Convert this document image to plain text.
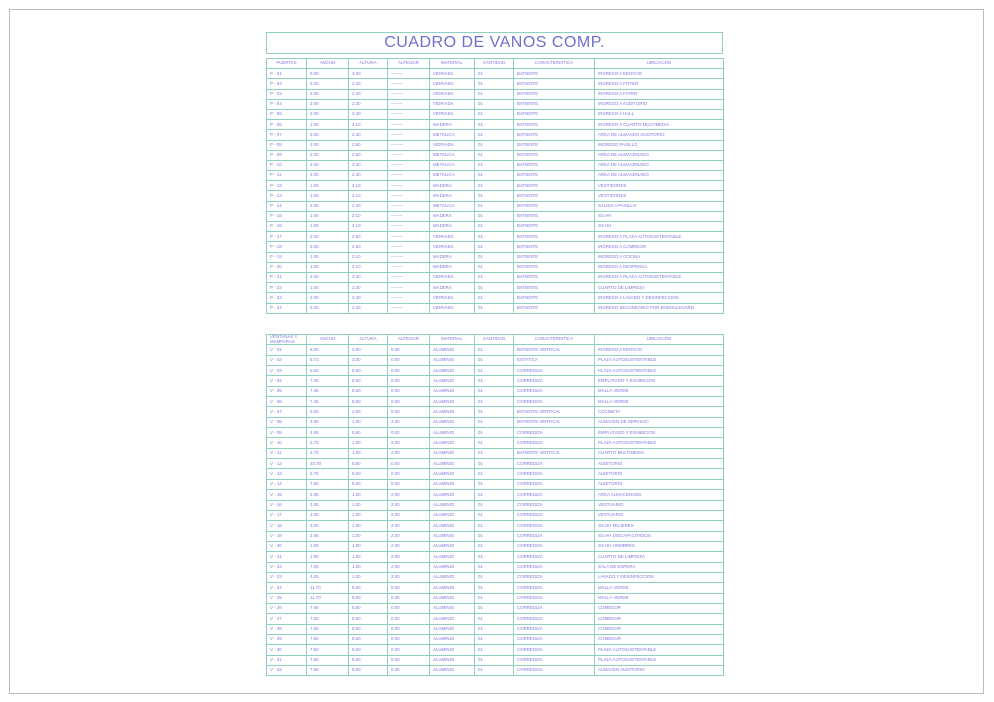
CUADRO DE VANOS COMP.
PUERTAS	ANCHO	ALTURA	ALFEIZAR	MATERIAL	CANTIDAD	CARACTERISTICA	UBICACIÓN
P - 01	6.00	3.00	--------	VIDRIADA	01	BATIENTE	INGRESO A EDIFICIO
P - 02	2.00	2.40	--------	VIDRIADA	01	BATIENTE	INGRESO A FOYER
P - 03	2.00	2.40	--------	VIDRIADA	01	BATIENTE	INGRESO A FAYER
P - 04	2.00	2.40	--------	VIDRIADA	01	BATIENTE	INGRESO A AUDITORIO
P - 05	2.00	2.40	--------	VIDRIADA	01	BATIENTE	INGRESO A HALL
P - 06	1.00	2.10	--------	MADERA	01	BATIENTE	INGRESO A CUARTO MULTIMEDIA
P - 07	2.00	2.40	--------	METALICA	01	BATIENTE	AREA DE ALMACEN AUDITORIO
P - 08	2.00	2.60	--------	VIDRIADA	01	BATIENTE	INGRESO PASILLO
P - 09	2.00	2.60	--------	METALICA	01	BATIENTE	AREA DE ALMACENADO
P - 10	2.00	2.40	--------	METALICA	01	BATIENTE	AREA DE ALMACENADO
P - 11	2.00	2.40	--------	METALICA	01	BATIENTE	AREA DE ALMACENADO
P - 12	1.00	2.10	--------	MADERA	01	BATIENTE	VESTIDORES
P - 13	1.00	2.10	--------	MADERA	01	BATIENTE	VESTIDORES
P - 14	2.00	2.40	--------	METALICA	01	BATIENTE	SALIDA A PASILLO
P - 15	1.00	2.10	--------	MADERA	01	BATIENTE	SS.HH
P - 16	1.00	2.10	--------	MADERA	01	BATIENTE	SS.HH
P - 17	2.00	2.60	--------	VIDRIADA	01	BATIENTE	INGRESO A PLAZA AUTOSUSTENTABLE
P - 18	2.00	2.60	--------	VIDRIADA	01	BATIENTE	INGRESO A COMEDOR
P - 19	1.00	2.10	--------	MADERA	01	BATIENTE	INGRESO A COCINA
P - 20	1.00	2.10	--------	MADERA	01	BATIENTE	INGRESO A DESPENSA
P - 21	2.00	2.40	--------	VIDRIADA	01	BATIENTE	INGRESO A PLAZA AUTOSUSTENTABLE
P - 22	1.00	2.40	--------	MADERA	01	BATIENTE	CUARTO DE LIMPIEZA
P - 23	2.00	2.40	--------	VIDRIADA	01	BATIENTE	INGRESO A LAVADO Y DESINFECCIÓN
P - 24	2.00	2.40	--------	VIDRIADA	01	BATIENTE	INGRESO SECUNDARIO POR BOBOULEVARD
VENTANAS Y MAMPARAS	ANCHO	ALTURA	ALFEIZAR	MATERIAL	CANTIDAD	CARACTERISTICA	UBICACIÓN
V - 01	6.00	3.00	0.00	ALUMINIO	01	BATIENTE VERTICAL	INGRESO A EDIFICIO
V - 02	5.73	3.00	0.00	ALUMINIO	01	ESTATICA	PLAZA AUTOSUSTENTABLE
V - 03	5.60	5.60	0.00	ALUMINIO	01	CORREDIZA	PLAZA AUTOSUSTENTABLE
V - 04	7.45	5.60	0.00	ALUMINIO	01	CORREDIZA	EMPLATADO Y EXHIBICION
V - 05	7.45	5.60	0.00	ALUMINIO	01	CORREDIZA	MALLA VERDE
V - 06	7.45	5.60	0.00	ALUMINIO	01	CORREDIZA	MALLA VERDE
V - 07	2.60	2.00	0.00	ALUMINIO	01	BATIENTE VERTICAL	COCINETA
V - 08	3.80	1.00	2.00	ALUMINIO	01	BATIENTE VERTICAL	ALMACEN DE SERVICIO
V - 09	4.65	5.60	0.00	ALUMINIO	01	CORREDIZA	EMPLATADO Y EXHIBICION
V - 10	2.75	1.00	2.00	ALUMINIO	01	CORREDIZA	PLAZA AUTOSUSTENTABLE
V - 11	2.75	1.00	2.00	ALUMINIO	01	BATIENTE VERTICAL	CUARTO MULTIMEDIA
V - 12	20.70	5.60	0.00	ALUMINIO	01	CORREDIZA	AUDITORIO
V - 13	5.75	5.60	0.00	ALUMINIO	01	CORREDIZA	AUDITORIO
V - 14	7.60	5.60	0.00	ALUMINIO	01	CORREDIZA	AUDITORIO
V - 15	2.35	1.00	2.00	ALUMINIO	01	CORREDIZA	AREA ALMACENADO
V - 16	3.35	1.00	2.00	ALUMINIO	01	CORREDIZA	VESTUARIO
V - 17	3.35	1.00	2.00	ALUMINIO	01	CORREDIZA	VESTUARIO
V - 18	3.00	1.00	2.00	ALUMINIO	01	CORREDIZA	SS.HH MUJERES
V - 19	2.05	1.00	2.00	ALUMINIO	01	CORREDIZA	SS.HH DISCAPACITADOS
V - 20	1.00	1.00	2.00	ALUMINIO	01	CORREDIZA	SS.HH HOMBRES
V - 21	1.90	1.00	2.00	ALUMINIO	01	CORREDIZA	CUARTO DE LIMPIEZA
V - 22	7.25	1.00	2.00	ALUMINIO	01	CORREDIZA	SALA DE ESPERA
V - 23	4.25	1.00	2.00	ALUMINIO	01	CORREDIZA	LAVADO Y DESINFECCION
V - 24	11.70	5.60	0.00	ALUMINIO	01	CORREDIZA	MALLA VERDE
V - 25	11.70	5.60	0.00	ALUMINIO	01	CORREDIZA	MALLA VERDE
V - 26	7.50	5.60	0.00	ALUMINIO	01	CORREDIZA	COMEDOR
V - 27	7.50	5.60	0.00	ALUMINIO	01	CORREDIZA	COMEDOR
V - 28	7.50	5.60	0.00	ALUMINIO	01	CORREDIZA	COMEDOR
V - 29	7.50	5.60	0.00	ALUMINIO	01	CORREDIZA	COMEDOR
V - 30	7.50	5.60	0.00	ALUMINIO	01	CORREDIZA	PLAZA AUTOSUSTENTABLE
V - 31	7.50	5.60	0.00	ALUMINIO	01	CORREDIZA	PLAZA AUTOSUSTENTABLE
V - 32	7.50	5.60	0.00	ALUMINIO	01	CORREDIZA	ALMACEN AUDITORIO
